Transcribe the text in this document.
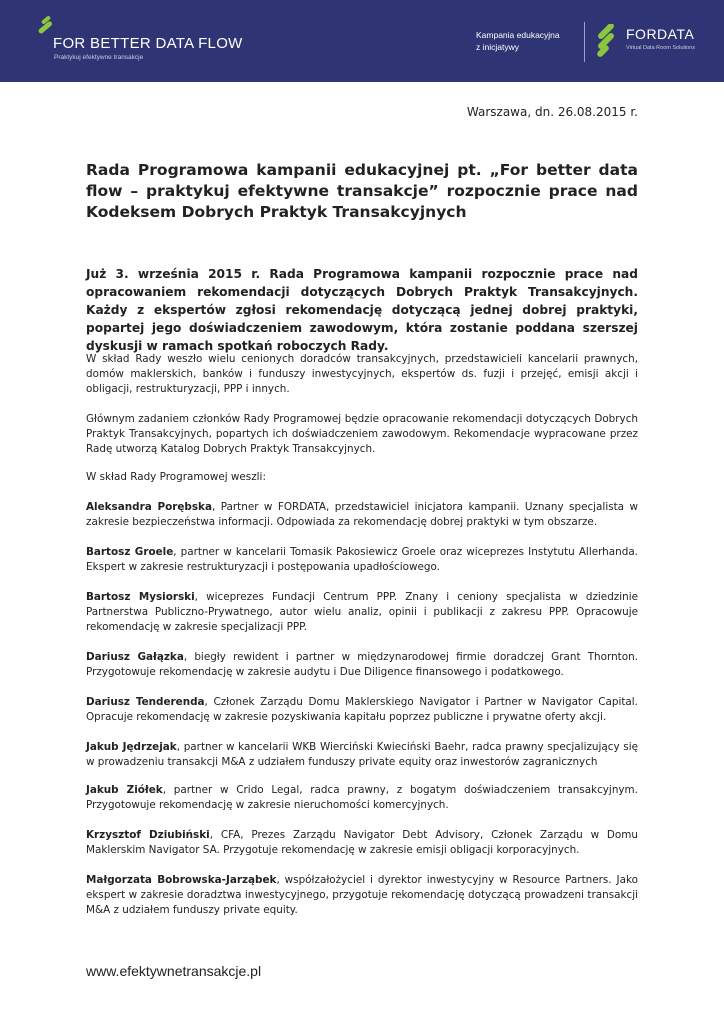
FOR BETTER DATA FLOW
Praktykuj efektywne transakcje
Kampania edukacyjna
z inicjatywy
FORDATA
Virtual Data Room Solutions
Warszawa, dn. 26.08.2015 r.
Rada Programowa kampanii edukacyjnej pt. „For better data flow – praktykuj efektywne transakcje” rozpocznie prace nad Kodeksem Dobrych Praktyk Transakcyjnych
Już 3. września 2015 r. Rada Programowa kampanii rozpocznie prace nad opracowaniem rekomendacji dotyczących Dobrych Praktyk Transakcyjnych. Każdy z ekspertów zgłosi rekomendację dotyczącą jednej dobrej praktyki, popartej jego doświadczeniem zawodowym, która zostanie poddana szerszej dyskusji w ramach spotkań roboczych Rady.

W skład Rady weszło wielu cenionych doradców transakcyjnych, przedstawicieli kancelarii prawnych, domów maklerskich, banków i funduszy inwestycyjnych, ekspertów ds. fuzji i przejęć, emisji akcji i obligacji, restrukturyzacji, PPP i innych.

Głównym zadaniem członków Rady Programowej będzie opracowanie rekomendacji dotyczących Dobrych Praktyk Transakcyjnych, popartych ich doświadczeniem zawodowym. Rekomendacje wypracowane przez Radę utworzą Katalog Dobrych Praktyk Transakcyjnych.

W skład Rady Programowej weszli:

Aleksandra Porębska, Partner w FORDATA, przedstawiciel inicjatora kampanii. Uznany specjalista w zakresie bezpieczeństwa informacji. Odpowiada za rekomendację dobrej praktyki w tym obszarze.

Bartosz Groele, partner w kancelarii Tomasik Pakosiewicz Groele oraz wiceprezes Instytutu Allerhanda. Ekspert w zakresie restrukturyzacji i postępowania upadłościowego.

Bartosz Mysiorski, wiceprezes Fundacji Centrum PPP. Znany i ceniony specjalista w dziedzinie Partnerstwa Publiczno-Prywatnego, autor wielu analiz, opinii i publikacji z zakresu PPP. Opracowuje rekomendację w zakresie specjalizacji PPP.

Dariusz Gałązka, biegły rewident i partner w międzynarodowej firmie doradczej Grant Thornton. Przygotowuje rekomendację w zakresie audytu i Due Diligence finansowego i podatkowego.

Dariusz Tenderenda, Członek Zarządu Domu Maklerskiego Navigator i Partner w Navigator Capital. Opracuje rekomendację w zakresie pozyskiwania kapitału poprzez publiczne i prywatne oferty akcji.

Jakub Jędrzejak, partner w kancelarii WKB Wierciński Kwieciński Baehr, radca prawny specjalizujący się w prowadzeniu transakcji M&A z udziałem funduszy private equity oraz inwestorów zagranicznych

Jakub Ziółek, partner w Crido Legal, radca prawny, z bogatym doświadczeniem transakcyjnym. Przygotowuje rekomendację w zakresie nieruchomości komercyjnych.

Krzysztof Dziubiński, CFA, Prezes Zarządu Navigator Debt Advisory, Członek Zarządu w Domu Maklerskim Navigator SA. Przygotuje rekomendację w zakresie emisji obligacji korporacyjnych.

Małgorzata Bobrowska-Jarząbek, współzałożyciel i dyrektor inwestycyjny w Resource Partners. Jako ekspert w zakresie doradztwa inwestycyjnego, przygotuje rekomendację dotyczącą prowadzeni transakcji M&A z udziałem funduszy private equity.

www.efektywnetransakcje.pl
